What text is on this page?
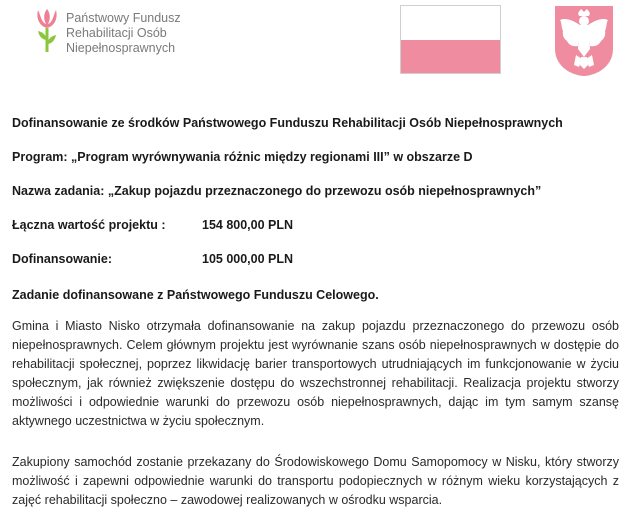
Państwowy Fundusz
Rehabilitacji Osób
Niepełnosprawnych
Dofinansowanie ze środków Państwowego Funduszu Rehabilitacji Osób Niepełnosprawnych
Program: „Program wyrównywania różnic między regionami III” w obszarze D
Nazwa zadania: „Zakup pojazdu przeznaczonego do przewozu osób niepełnosprawnych”
Łączna wartość projektu :	154 800,00 PLN
Dofinansowanie:	105 000,00 PLN
Zadanie dofinansowane z Państwowego Funduszu Celowego.
Gmina i Miasto Nisko otrzymała dofinansowanie na zakup pojazdu przeznaczonego do przewozu osób niepełnosprawnych. Celem głównym projektu jest wyrównanie szans osób niepełnosprawnych w dostępie do rehabilitacji społecznej, poprzez likwidację barier transportowych utrudniających im funkcjonowanie w życiu społecznym, jak również zwiększenie dostępu do wszechstronnej rehabilitacji. Realizacja projektu stworzy możliwości i odpowiednie warunki do przewozu osób niepełnosprawnych, dając im tym samym szansę aktywnego uczestnictwa w życiu społecznym.
Zakupiony samochód zostanie przekazany do Środowiskowego Domu Samopomocy w Nisku, który stworzy możliwość i zapewni odpowiednie warunki do transportu podopiecznych w różnym wieku korzystających z zajęć rehabilitacji społeczno – zawodowej realizowanych w ośrodku wsparcia.
